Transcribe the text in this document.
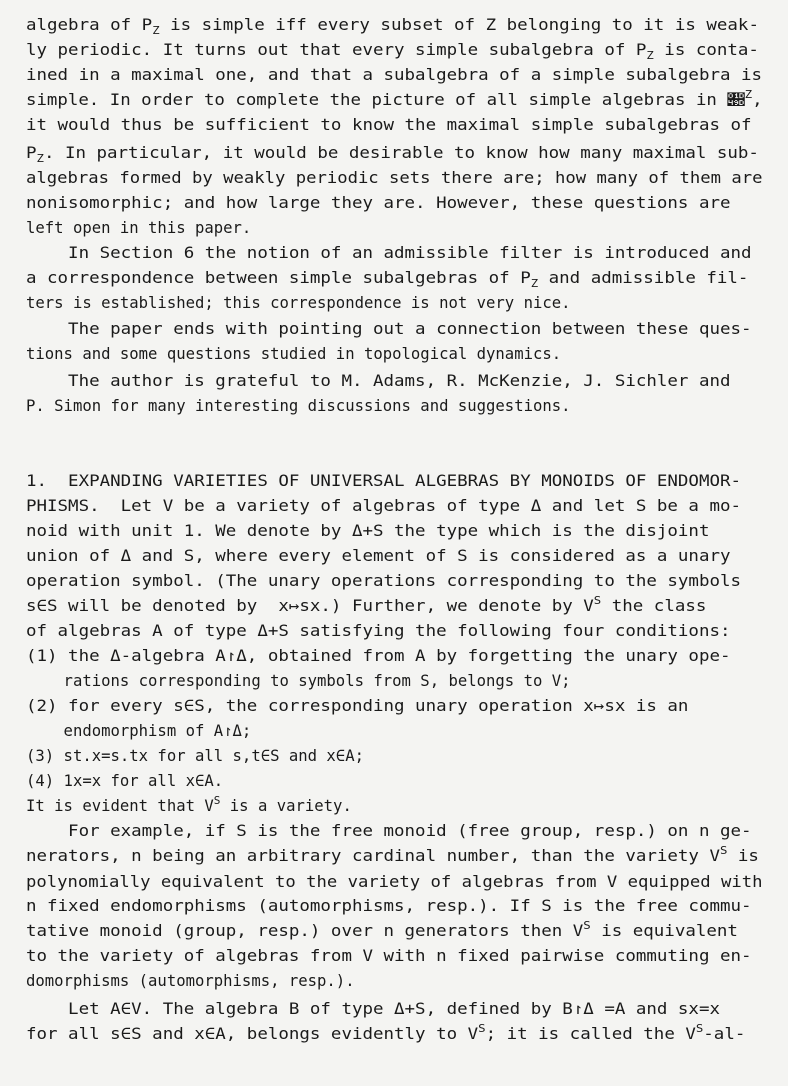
algebra of $P_Z$ is simple iff every subset of Z belonging to it is weak-
ly periodic. It turns out that every simple subalgebra of $P_Z$ is conta-
ined in a maximal one, and that a subalgebra of a simple subalgebra is
simple. In order to complete the picture of all simple algebras in 𝒝$^Z$,
it would thus be sufficient to know the maximal simple subalgebras of
$P_Z$. In particular, it would be desirable to know how many maximal sub-
algebras formed by weakly periodic sets there are; how many of them are
nonisomorphic; and how large they are. However, these questions are
left open in this paper.
In Section 6 the notion of an admissible filter is introduced and
a correspondence between simple subalgebras of $P_Z$ and admissible fil-
ters is established; this correspondence is not very nice.
The paper ends with pointing out a connection between these ques-
tions and some questions studied in topological dynamics.
The author is grateful to M. Adams, R. McKenzie, J. Sichler and
P. Simon for many interesting discussions and suggestions.
1.  EXPANDING VARIETIES OF UNIVERSAL ALGEBRAS BY MONOIDS OF ENDOMOR-
PHISMS.  Let V be a variety of algebras of type Δ and let S be a mo-
noid with unit 1. We denote by Δ+S the type which is the disjoint
union of Δ and S, where every element of S is considered as a unary
operation symbol. (The unary operations corresponding to the symbols
s∈S will be denoted by  x↦sx.) Further, we denote by $V^S$ the class
of algebras A of type Δ+S satisfying the following four conditions:
(1) the Δ-algebra A↾Δ, obtained from A by forgetting the unary ope-
rations corresponding to symbols from S, belongs to V;
(2) for every s∈S, the corresponding unary operation x↦sx is an
endomorphism of A↾Δ;
(3) st.x=s.tx for all s,t∈S and x∈A;
(4) 1x=x for all x∈A.
It is evident that $V^S$ is a variety.
For example, if S is the free monoid (free group, resp.) on n ge-
nerators, n being an arbitrary cardinal number, than the variety $V^S$ is
polynomially equivalent to the variety of algebras from V equipped with
n fixed endomorphisms (automorphisms, resp.). If S is the free commu-
tative monoid (group, resp.) over n generators then $V^S$ is equivalent
to the variety of algebras from V with n fixed pairwise commuting en-
domorphisms (automorphisms, resp.).
Let A∈V. The algebra B of type Δ+S, defined by B↾Δ =A and sx=x
for all s∈S and x∈A, belongs evidently to $V^S$; it is called the $V^S-al-$
